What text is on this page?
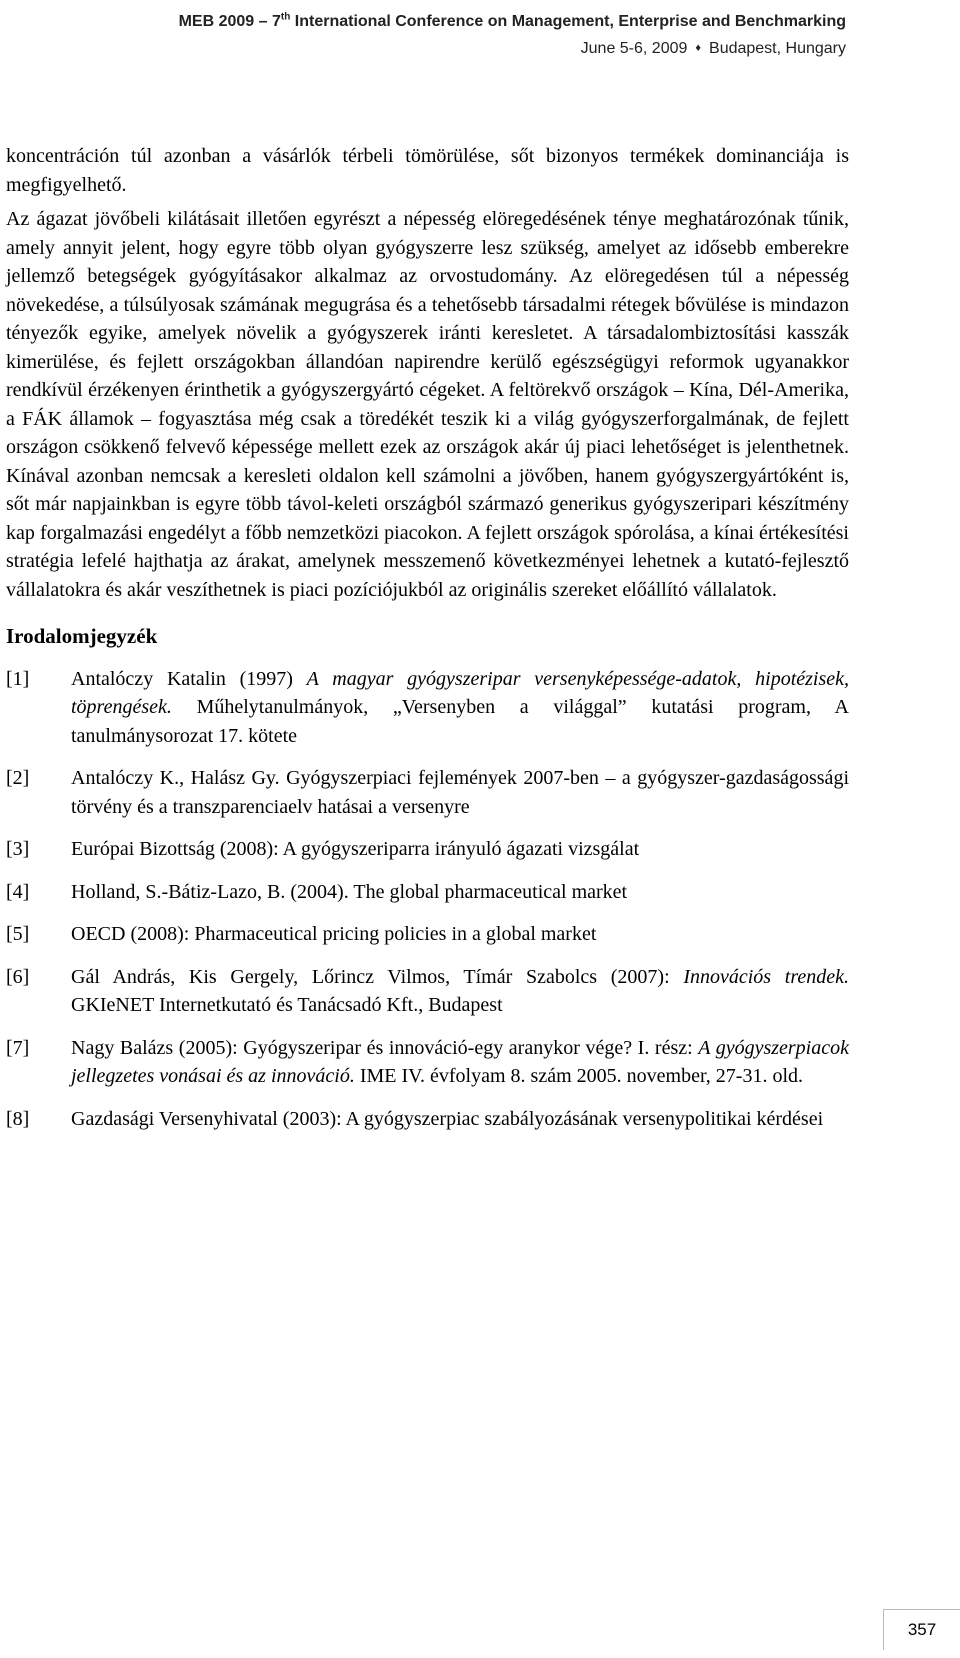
MEB 2009 – 7th International Conference on Management, Enterprise and Benchmarking
June 5-6, 2009 ♦ Budapest, Hungary

koncentráción túl azonban a vásárlók térbeli tömörülése, sőt bizonyos termékek dominanciája is megfigyelhető.

Az ágazat jövőbeli kilátásait illetően egyrészt a népesség elöregedésének ténye meghatározónak tűnik, amely annyit jelent, hogy egyre több olyan gyógyszerre lesz szükség, amelyet az idősebb emberekre jellemző betegségek gyógyításakor alkalmaz az orvostudomány. Az elöregedésen túl a népesség növekedése, a túlsúlyosak számának megugrása és a tehetősebb társadalmi rétegek bővülése is mindazon tényezők egyike, amelyek növelik a gyógyszerek iránti keresletet. A társadalombiztosítási kasszák kimerülése, és fejlett országokban állandóan napirendre kerülő egészségügyi reformok ugyanakkor rendkívül érzékenyen érinthetik a gyógyszergyártó cégeket. A feltörekvő országok – Kína, Dél-Amerika, a FÁK államok – fogyasztása még csak a töredékét teszik ki a világ gyógyszerforgalmának, de fejlett országon csökkenő felvevő képessége mellett ezek az országok akár új piaci lehetőséget is jelenthetnek. Kínával azonban nemcsak a keresleti oldalon kell számolni a jövőben, hanem gyógyszergyártóként is, sőt már napjainkban is egyre több távol-keleti országból származó generikus gyógyszeripari készítmény kap forgalmazási engedélyt a főbb nemzetközi piacokon. A fejlett országok spórolása, a kínai értékesítési stratégia lefelé hajthatja az árakat, amelynek messzemenő következményei lehetnek a kutató-fejlesztő vállalatokra és akár veszíthetnek is piaci pozíciójukból az originális szereket előállító vállalatok.

Irodalomjegyzék
[1]	Antalóczy Katalin (1997) A magyar gyógyszeripar versenyképessége-adatok, hipotézisek, töprengések. Műhelytanulmányok, „Versenyben a világgal” kutatási program, A tanulmánysorozat 17. kötete
[2]	Antalóczy K., Halász Gy. Gyógyszerpiaci fejlemények 2007-ben – a gyógyszer-gazdaságossági törvény és a transzparenciaelv hatásai a versenyre
[3]	Európai Bizottság (2008): A gyógyszeriparra irányuló ágazati vizsgálat
[4]	Holland, S.-Bátiz-Lazo, B. (2004). The global pharmaceutical market
[5]	OECD (2008): Pharmaceutical pricing policies in a global market
[6]	Gál András, Kis Gergely, Lőrincz Vilmos, Tímár Szabolcs (2007): Innovációs trendek. GKIeNET Internetkutató és Tanácsadó Kft., Budapest
[7]	Nagy Balázs (2005): Gyógyszeripar és innováció-egy aranykor vége? I. rész: A gyógyszerpiacok jellegzetes vonásai és az innováció. IME IV. évfolyam 8. szám 2005. november, 27-31. old.
[8]	Gazdasági Versenyhivatal (2003): A gyógyszerpiac szabályozásának versenypolitikai kérdései
357
